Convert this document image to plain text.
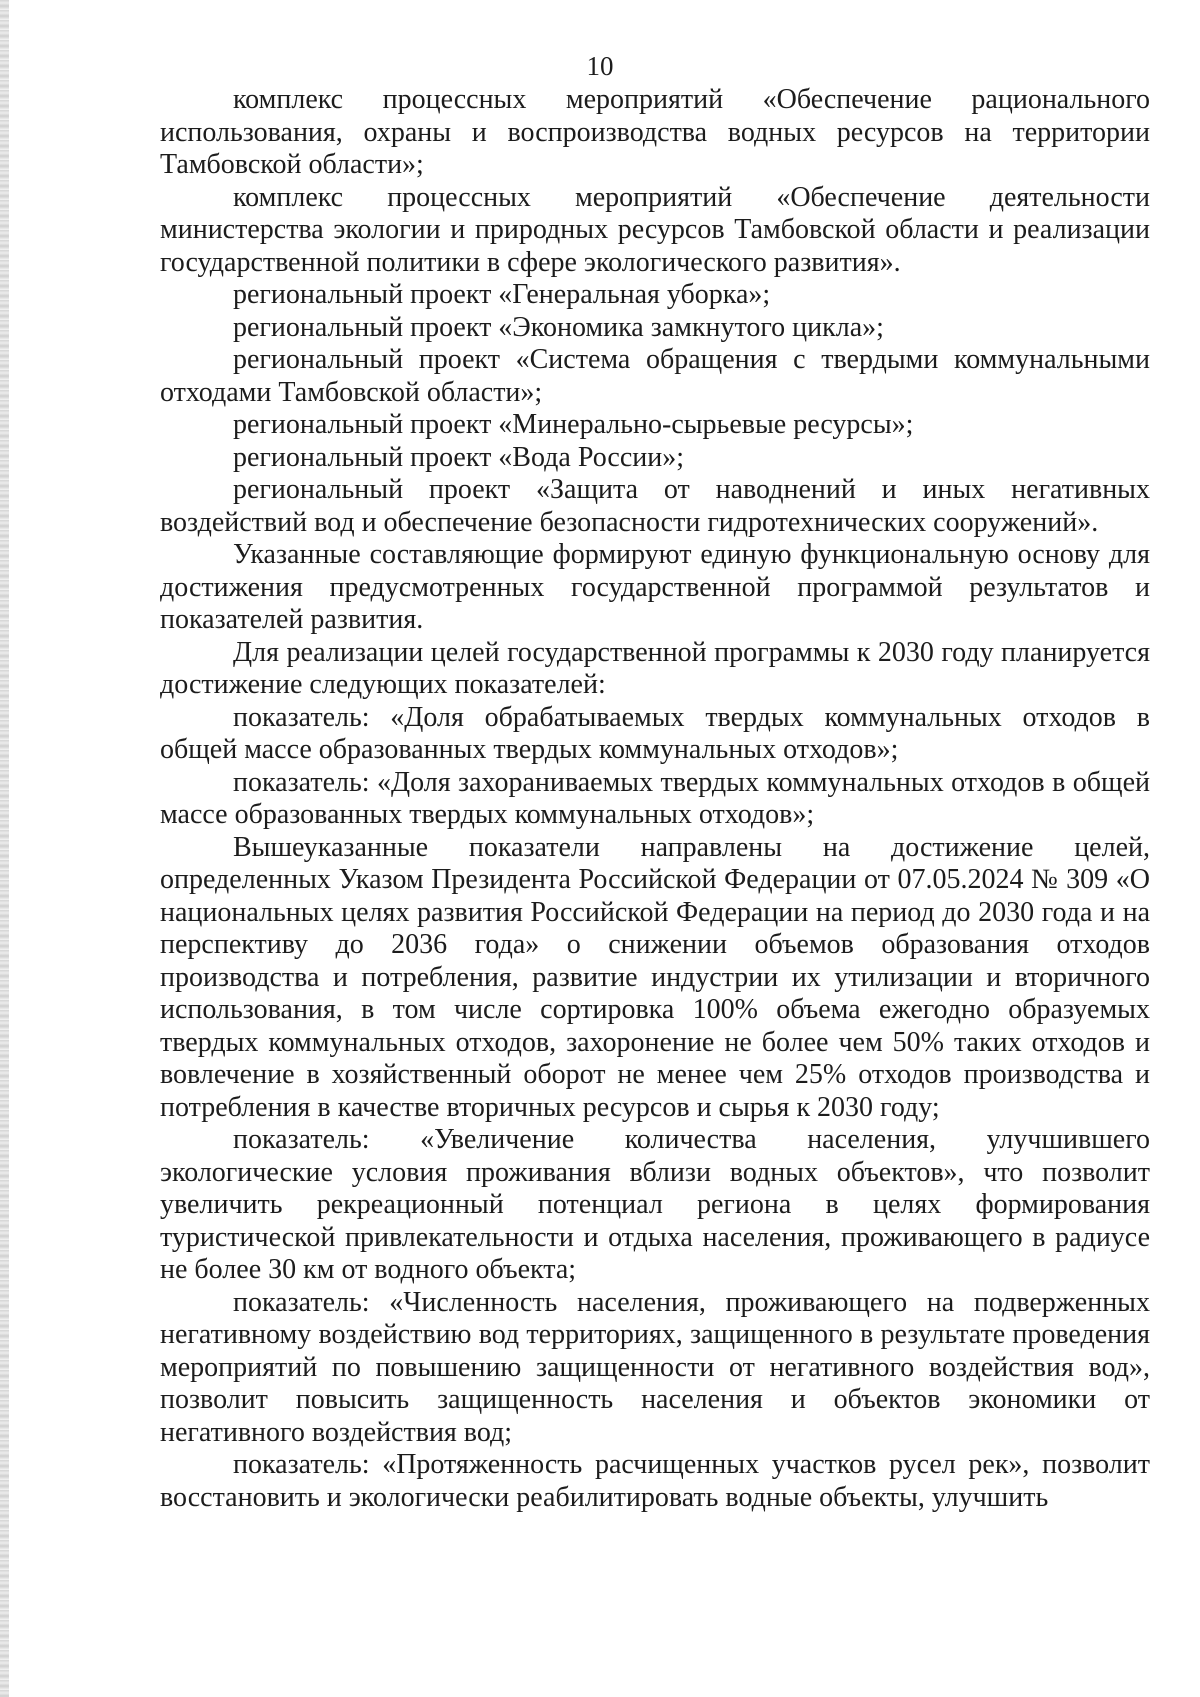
10

комплекс процессных мероприятий «Обеспечение рационального использования, охраны и воспроизводства водных ресурсов на территории Тамбовской области»;

комплекс процессных мероприятий «Обеспечение деятельности министерства экологии и природных ресурсов Тамбовской области и реализации государственной политики в сфере экологического развития».

региональный проект «Генеральная уборка»;

региональный проект «Экономика замкнутого цикла»;

региональный проект «Система обращения с твердыми коммунальными отходами Тамбовской области»;

региональный проект «Минерально-сырьевые ресурсы»;

региональный проект «Вода России»;

региональный проект «Защита от наводнений и иных негативных воздействий вод и обеспечение безопасности гидротехнических сооружений».

Указанные составляющие формируют единую функциональную основу для достижения предусмотренных государственной программой результатов и показателей развития.

Для реализации целей государственной программы к 2030 году планируется достижение следующих показателей:

показатель: «Доля обрабатываемых твердых коммунальных отходов в общей массе образованных твердых коммунальных отходов»;

показатель: «Доля захораниваемых твердых коммунальных отходов в общей массе образованных твердых коммунальных отходов»;

Вышеуказанные показатели направлены на достижение целей, определенных Указом Президента Российской Федерации от 07.05.2024 № 309 «О национальных целях развития Российской Федерации на период до 2030 года и на перспективу до 2036 года» о снижении объемов образования отходов производства и потребления, развитие индустрии их утилизации и вторичного использования, в том числе сортировка 100% объема ежегодно образуемых твердых коммунальных отходов, захоронение не более чем 50% таких отходов и вовлечение в хозяйственный оборот не менее чем 25% отходов производства и потребления в качестве вторичных ресурсов и сырья к 2030 году;

показатель: «Увеличение количества населения, улучшившего экологические условия проживания вблизи водных объектов», что позволит увеличить рекреационный потенциал региона в целях формирования туристической привлекательности и отдыха населения, проживающего в радиусе не более 30 км от водного объекта;

показатель: «Численность населения, проживающего на подверженных негативному воздействию вод территориях, защищенного в результате проведения мероприятий по повышению защищенности от негативного воздействия вод», позволит повысить защищенность населения и объектов экономики от негативного воздействия вод;

показатель: «Протяженность расчищенных участков русел рек», позволит восстановить и экологически реабилитировать водные объекты, улучшить
